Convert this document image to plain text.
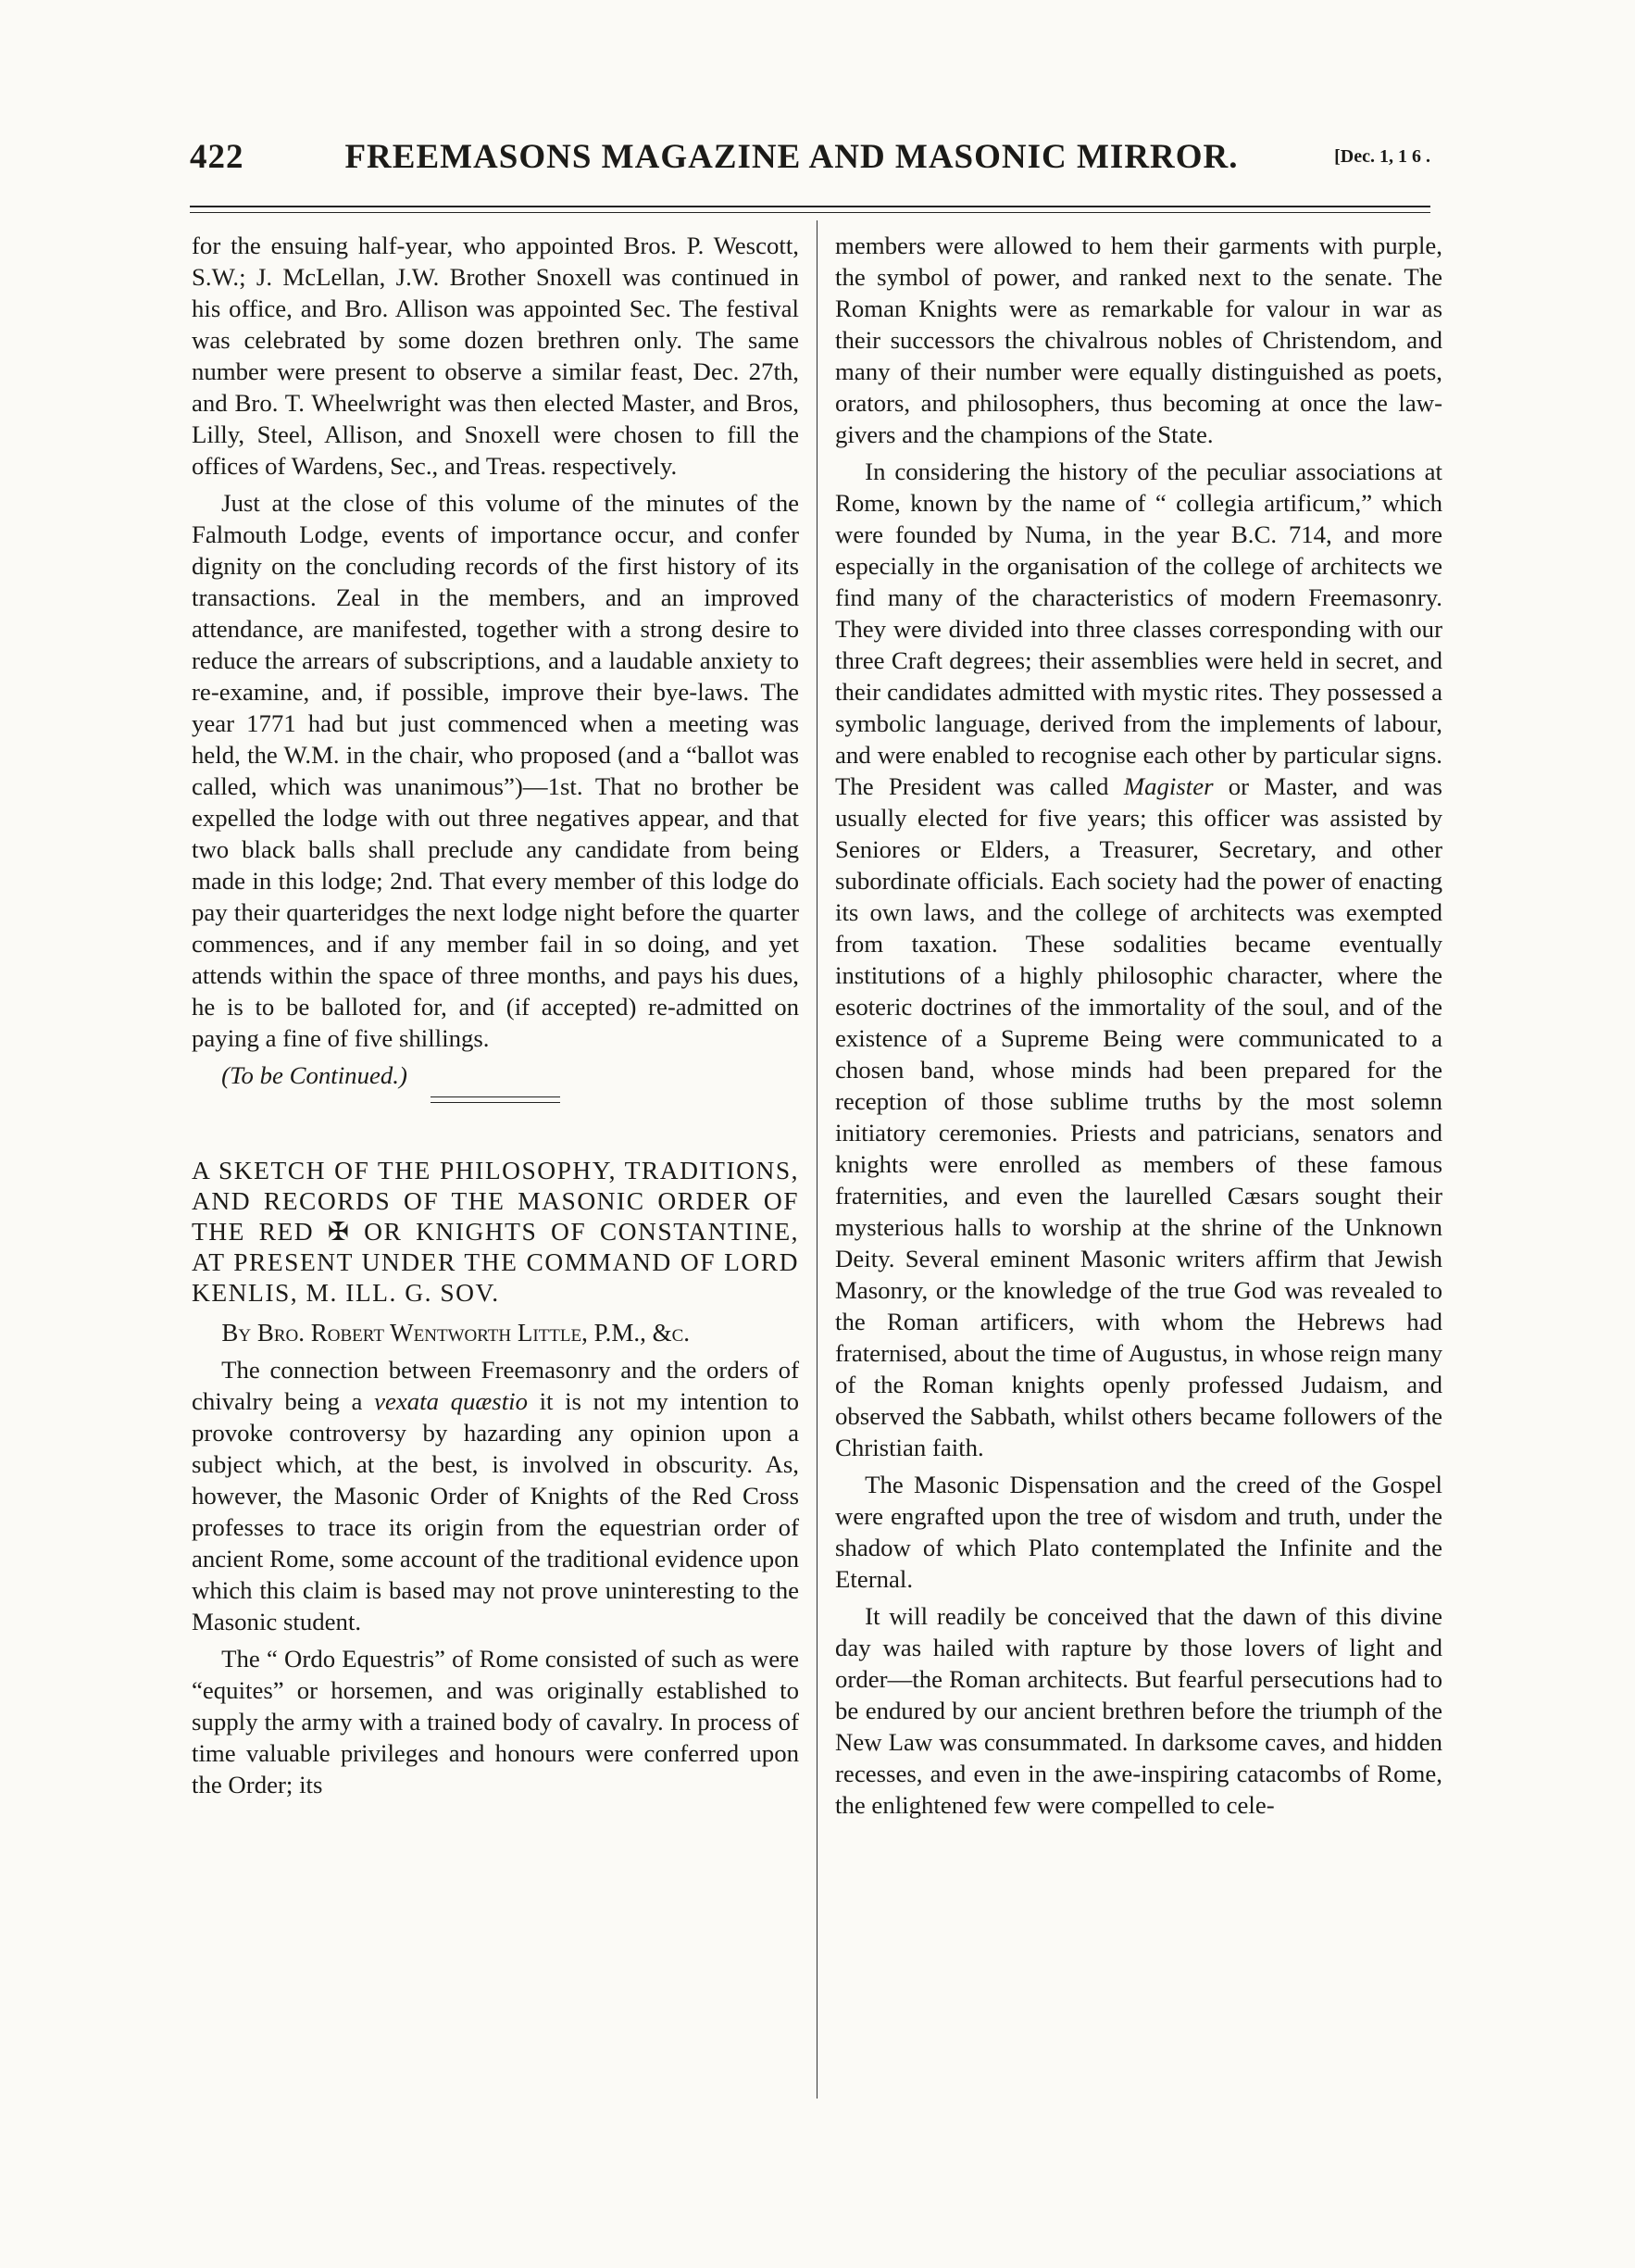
422	FREEMASONS MAGAZINE AND MASONIC MIRROR.	[Dec. 1, 1 6 .

for the ensuing half-year, who appointed Bros. P. Wescott, S.W.; J. McLellan, J.W. Brother Snoxell was continued in his office, and Bro. Allison was appointed Sec. The festival was celebrated by some dozen brethren only. The same number were present to observe a similar feast, Dec. 27th, and Bro. T. Wheelwright was then elected Master, and Bros, Lilly, Steel, Allison, and Snoxell were chosen to fill the offices of Wardens, Sec., and Treas. respectively.

Just at the close of this volume of the minutes of the Falmouth Lodge, events of importance occur, and confer dignity on the concluding records of the first history of its transactions. Zeal in the members, and an improved attendance, are manifested, together with a strong desire to reduce the arrears of subscriptions, and a laudable anxiety to re-examine, and, if possible, improve their bye-laws. The year 1771 had but just commenced when a meeting was held, the W.M. in the chair, who proposed (and a “ballot was called, which was unanimous”)—1st. That no brother be expelled the lodge with out three negatives appear, and that two black balls shall preclude any candidate from being made in this lodge; 2nd. That every member of this lodge do pay their quarteridges the next lodge night before the quarter commences, and if any member fail in so doing, and yet attends within the space of three months, and pays his dues, he is to be balloted for, and (if accepted) re-admitted on paying a fine of five shillings.

(To be Continued.)

A SKETCH OF THE PHILOSOPHY, TRADITIONS, AND RECORDS OF THE MASONIC ORDER OF THE RED ✠ OR KNIGHTS OF CONSTANTINE, AT PRESENT UNDER THE COMMAND OF LORD KENLIS, M. ILL. G. SOV.

By Bro. Robert Wentworth Little, P.M., &c.

The connection between Freemasonry and the orders of chivalry being a vexata quæstio it is not my intention to provoke controversy by hazarding any opinion upon a subject which, at the best, is involved in obscurity. As, however, the Masonic Order of Knights of the Red Cross professes to trace its origin from the equestrian order of ancient Rome, some account of the traditional evidence upon which this claim is based may not prove uninteresting to the Masonic student.

The “ Ordo Equestris” of Rome consisted of such as were “equites” or horsemen, and was originally established to supply the army with a trained body of cavalry. In process of time valuable privileges and honours were conferred upon the Order; its

members were allowed to hem their garments with purple, the symbol of power, and ranked next to the senate. The Roman Knights were as remarkable for valour in war as their successors the chivalrous nobles of Christendom, and many of their number were equally distinguished as poets, orators, and philosophers, thus becoming at once the law-givers and the champions of the State.

In considering the history of the peculiar associations at Rome, known by the name of “ collegia artificum,” which were founded by Numa, in the year B.C. 714, and more especially in the organisation of the college of architects we find many of the characteristics of modern Freemasonry. They were divided into three classes corresponding with our three Craft degrees; their assemblies were held in secret, and their candidates admitted with mystic rites. They possessed a symbolic language, derived from the implements of labour, and were enabled to recognise each other by particular signs. The President was called Magister or Master, and was usually elected for five years; this officer was assisted by Seniores or Elders, a Treasurer, Secretary, and other subordinate officials. Each society had the power of enacting its own laws, and the college of architects was exempted from taxation. These sodalities became eventually institutions of a highly philosophic character, where the esoteric doctrines of the immortality of the soul, and of the existence of a Supreme Being were communicated to a chosen band, whose minds had been prepared for the reception of those sublime truths by the most solemn initiatory ceremonies. Priests and patricians, senators and knights were enrolled as members of these famous fraternities, and even the laurelled Cæsars sought their mysterious halls to worship at the shrine of the Unknown Deity. Several eminent Masonic writers affirm that Jewish Masonry, or the knowledge of the true God was revealed to the Roman artificers, with whom the Hebrews had fraternised, about the time of Augustus, in whose reign many of the Roman knights openly professed Judaism, and observed the Sabbath, whilst others became followers of the Christian faith.

The Masonic Dispensation and the creed of the Gospel were engrafted upon the tree of wisdom and truth, under the shadow of which Plato contemplated the Infinite and the Eternal.

It will readily be conceived that the dawn of this divine day was hailed with rapture by those lovers of light and order—the Roman architects. But fearful persecutions had to be endured by our ancient brethren before the triumph of the New Law was consummated. In darksome caves, and hidden recesses, and even in the awe-inspiring catacombs of Rome, the enlightened few were compelled to cele-
